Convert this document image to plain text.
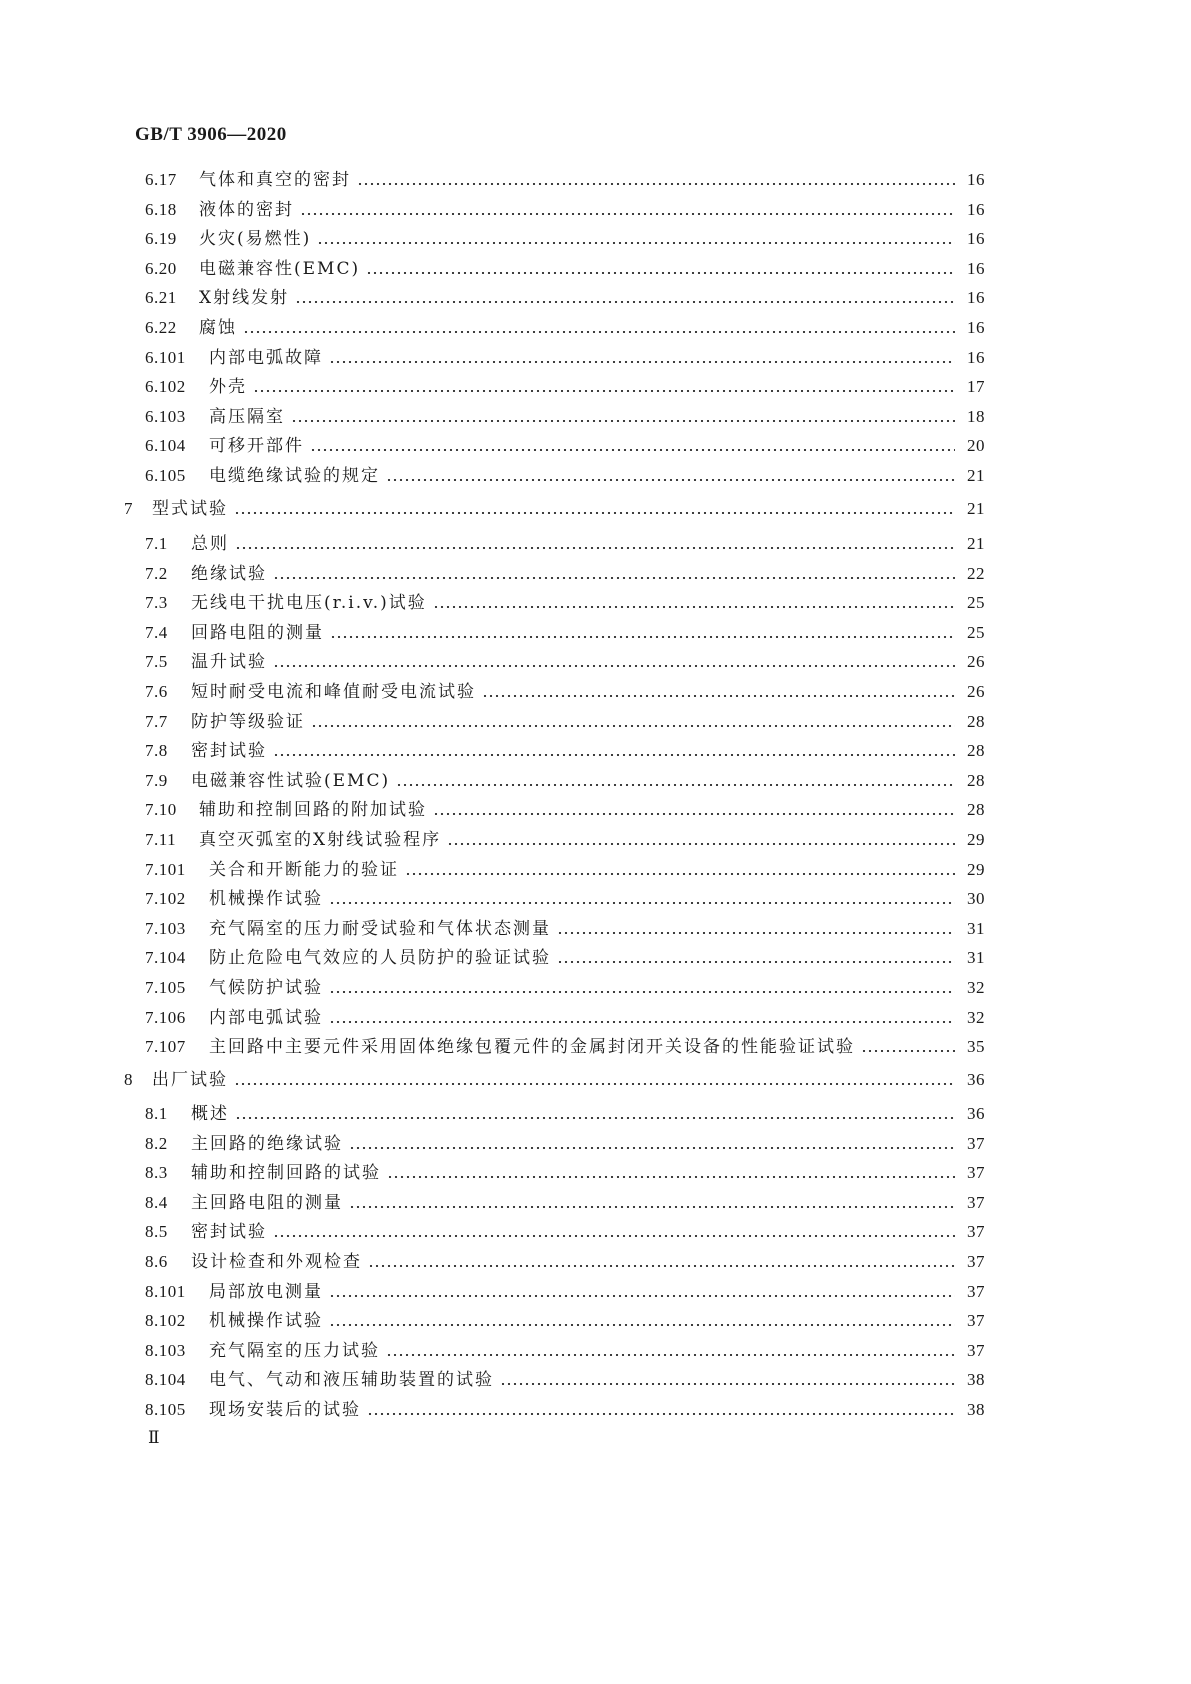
GB/T 3906—2020
6.17	气体和真空的密封	16
6.18	液体的密封	16
6.19	火灾(易燃性)	16
6.20	电磁兼容性(EMC)	16
6.21	X射线发射	16
6.22	腐蚀	16
6.101	内部电弧故障	16
6.102	外壳	17
6.103	高压隔室	18
6.104	可移开部件	20
6.105	电缆绝缘试验的规定	21
7	型式试验	21
7.1	总则	21
7.2	绝缘试验	22
7.3	无线电干扰电压(r.i.v.)试验	25
7.4	回路电阻的测量	25
7.5	温升试验	26
7.6	短时耐受电流和峰值耐受电流试验	26
7.7	防护等级验证	28
7.8	密封试验	28
7.9	电磁兼容性试验(EMC)	28
7.10	辅助和控制回路的附加试验	28
7.11	真空灭弧室的X射线试验程序	29
7.101	关合和开断能力的验证	29
7.102	机械操作试验	30
7.103	充气隔室的压力耐受试验和气体状态测量	31
7.104	防止危险电气效应的人员防护的验证试验	31
7.105	气候防护试验	32
7.106	内部电弧试验	32
7.107	主回路中主要元件采用固体绝缘包覆元件的金属封闭开关设备的性能验证试验	35
8	出厂试验	36
8.1	概述	36
8.2	主回路的绝缘试验	37
8.3	辅助和控制回路的试验	37
8.4	主回路电阻的测量	37
8.5	密封试验	37
8.6	设计检查和外观检查	37
8.101	局部放电测量	37
8.102	机械操作试验	37
8.103	充气隔室的压力试验	37
8.104	电气、气动和液压辅助装置的试验	38
8.105	现场安装后的试验	38
Ⅱ
